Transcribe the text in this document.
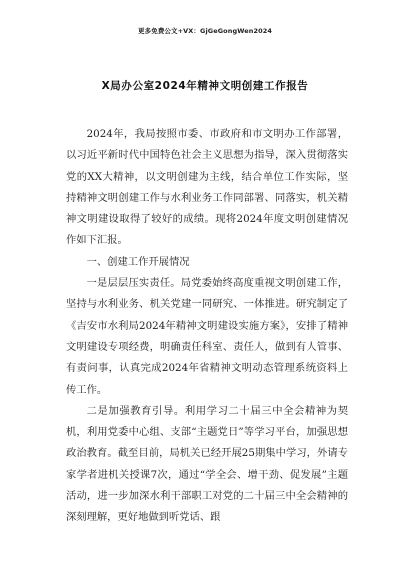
更多免费公文+VX：GjGeGongWen2024
X局办公室2024年精神文明创建工作报告

2024年，我局按照市委、市政府和市文明办工作部署，以习近平新时代中国特色社会主义思想为指导，深入贯彻落实党的XX大精神，以文明创建为主线，结合单位工作实际，坚持精神文明创建工作与水利业务工作同部署、同落实，机关精神文明建设取得了较好的成绩。现将2024年度文明创建情况作如下汇报。

一、创建工作开展情况

一是层层压实责任。局党委始终高度重视文明创建工作，坚持与水利业务、机关党建一同研究、一体推进。研究制定了《吉安市水利局2024年精神文明建设实施方案》，安排了精神文明建设专项经费，明确责任科室、责任人，做到有人管事、有责问事，认真完成2024年省精神文明动态管理系统资料上传工作。

二是加强教育引导。利用学习二十届三中全会精神为契机，利用党委中心组、支部“主题党日”等学习平台，加强思想政治教育。截至目前，局机关已经开展25期集中学习，外请专家学者进机关授课7次，通过“学全会、增干劲、促发展”主题活动，进一步加深水利干部职工对党的二十届三中全会精神的深刻理解，更好地做到听党话、跟
